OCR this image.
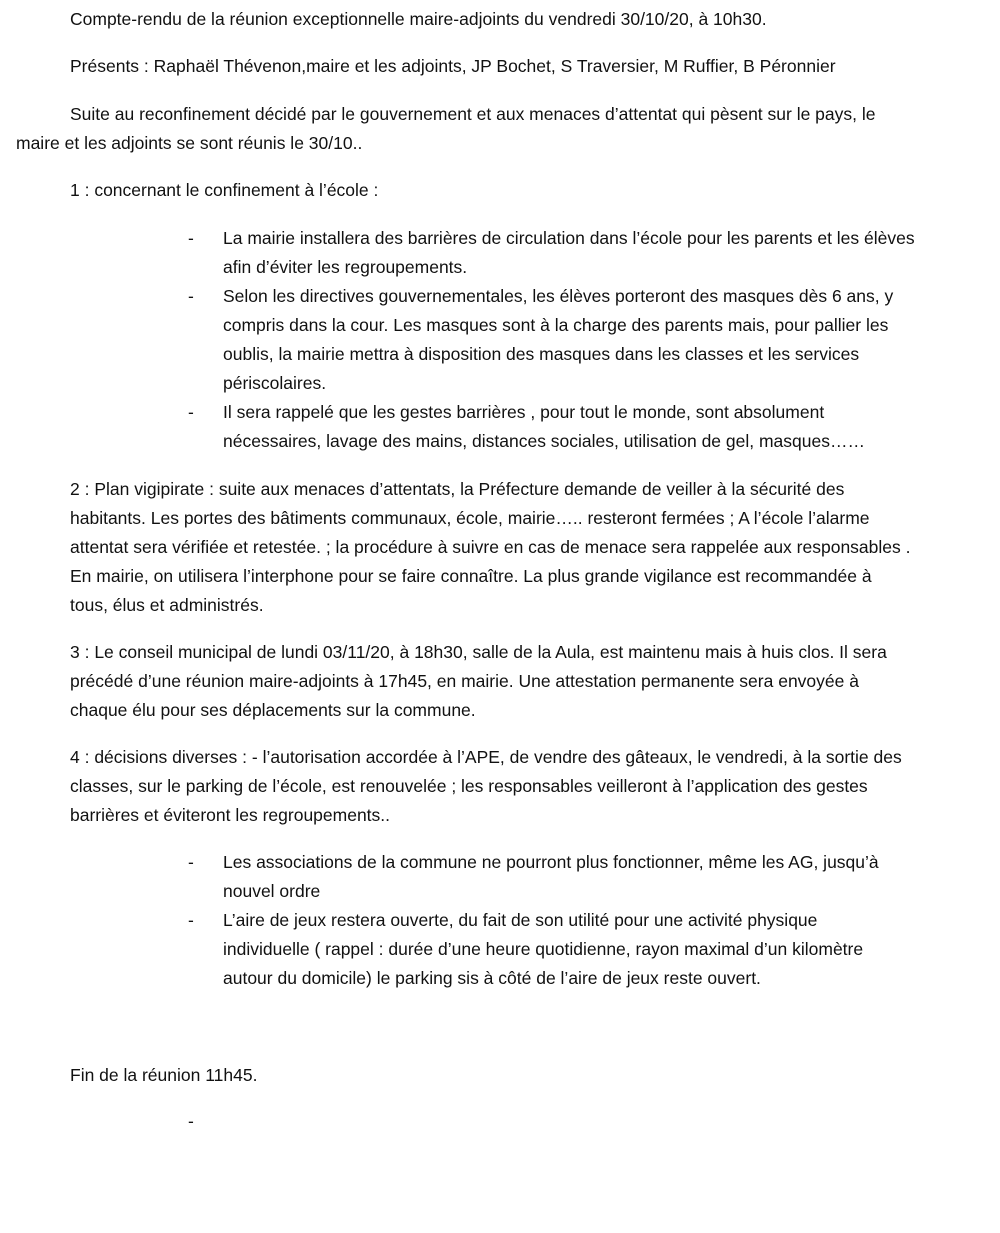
Compte-rendu de la réunion exceptionnelle maire-adjoints du vendredi 30/10/20, à 10h30.
Présents : Raphaël Thévenon,maire et les adjoints, JP Bochet, S Traversier, M Ruffier, B Péronnier
Suite au reconfinement décidé par le gouvernement et aux menaces d’attentat qui pèsent sur le pays, le
maire et les adjoints se sont réunis le 30/10..
1 : concernant le confinement à l’école :
- La mairie installera des barrières de circulation dans l’école pour les parents et les élèves
afin d’éviter les regroupements.
- Selon les directives gouvernementales, les élèves porteront des masques dès 6 ans, y
compris dans la cour. Les masques sont à la charge des parents mais, pour pallier les
oublis, la mairie mettra à disposition des masques dans les classes et les services
périscolaires.
- Il sera rappelé que les gestes barrières , pour tout le monde, sont absolument
nécessaires, lavage des mains, distances sociales, utilisation de gel, masques……
2 : Plan vigipirate : suite aux menaces d’attentats, la Préfecture demande de veiller à la sécurité des
habitants. Les portes des bâtiments communaux, école, mairie….. resteront fermées ; A l’école l’alarme
attentat sera vérifiée et retestée. ; la procédure à suivre en cas de menace sera rappelée aux responsables .
En mairie, on utilisera l’interphone pour se faire connaître. La plus grande vigilance est recommandée à
tous, élus et administrés.
3 : Le conseil municipal de lundi 03/11/20, à 18h30, salle de la Aula, est maintenu mais à huis clos. Il sera
précédé d’une réunion maire-adjoints à 17h45, en mairie. Une attestation permanente sera envoyée à
chaque élu pour ses déplacements sur la commune.
4 : décisions diverses : - l’autorisation accordée à l’APE, de vendre des gâteaux, le vendredi, à la sortie des
classes, sur le parking de l’école, est renouvelée ; les responsables veilleront à l’application des gestes
barrières et éviteront les regroupements..
- Les associations de la commune ne pourront plus fonctionner, même les AG, jusqu’à
nouvel ordre
- L’aire de jeux restera ouverte, du fait de son utilité pour une activité physique
individuelle ( rappel : durée d’une heure quotidienne, rayon maximal d’un kilomètre
autour du domicile) le parking sis à côté de l’aire de jeux reste ouvert.
Fin de la réunion 11h45.
-
